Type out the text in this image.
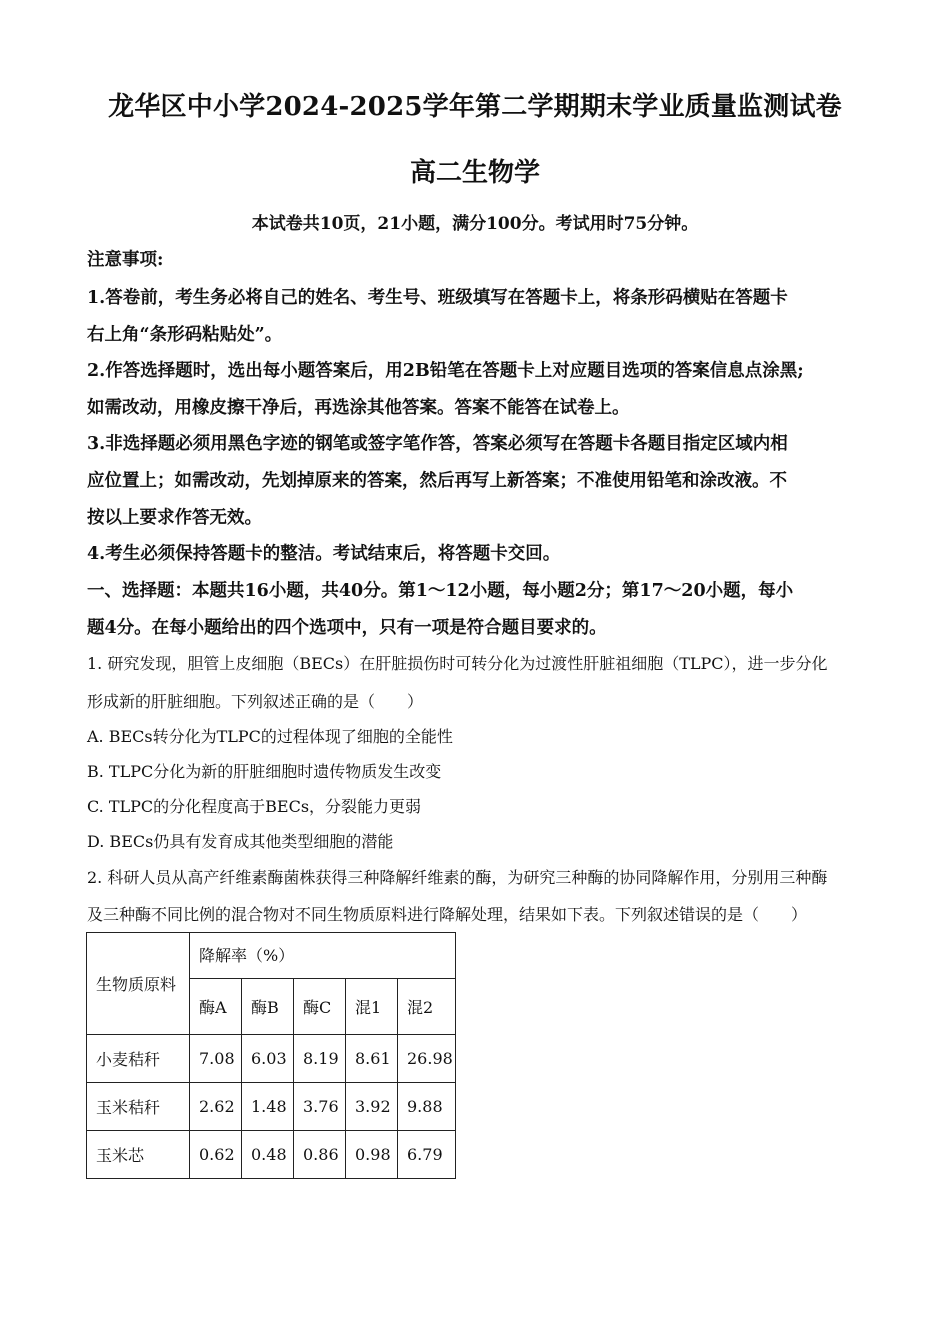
龙华区中小学2024-2025学年第二学期期末学业质量监测试卷
高二生物学
本试卷共10页，21小题，满分100分。考试用时75分钟。
注意事项:
1.答卷前，考生务必将自己的姓名、考生号、班级填写在答题卡上，将条形码横贴在答题卡
右上角“条形码粘贴处”。
2.作答选择题时，选出每小题答案后，用2B铅笔在答题卡上对应题目选项的答案信息点涂黑;
如需改动，用橡皮擦干净后，再选涂其他答案。答案不能答在试卷上。
3.非选择题必须用黑色字迹的钢笔或签字笔作答，答案必须写在答题卡各题目指定区域内相
应位置上；如需改动，先划掉原来的答案，然后再写上新答案；不准使用铅笔和涂改液。不
按以上要求作答无效。
4.考生必须保持答题卡的整洁。考试结束后，将答题卡交回。
一、选择题：本题共16小题，共40分。第1～12小题，每小题2分；第17～20小题，每小
题4分。在每小题给出的四个选项中，只有一项是符合题目要求的。
1. 研究发现，胆管上皮细胞（BECs）在肝脏损伤时可转分化为过渡性肝脏祖细胞（TLPC），进一步分化
形成新的肝脏细胞。下列叙述正确的是（　　）
A. BECs转分化为TLPC的过程体现了细胞的全能性
B. TLPC分化为新的肝脏细胞时遗传物质发生改变
C. TLPC的分化程度高于BECs，分裂能力更弱
D. BECs仍具有发育成其他类型细胞的潜能
2. 科研人员从高产纤维素酶菌株获得三种降解纤维素的酶，为研究三种酶的协同降解作用，分别用三种酶
及三种酶不同比例的混合物对不同生物质原料进行降解处理，结果如下表。下列叙述错误的是（　　）
生物质原料	降解率（%）				
	酶A	酶B	酶C	混1	混2
小麦秸秆	7.08	6.03	8.19	8.61	26.98
玉米秸秆	2.62	1.48	3.76	3.92	9.88
玉米芯	0.62	0.48	0.86	0.98	6.79
